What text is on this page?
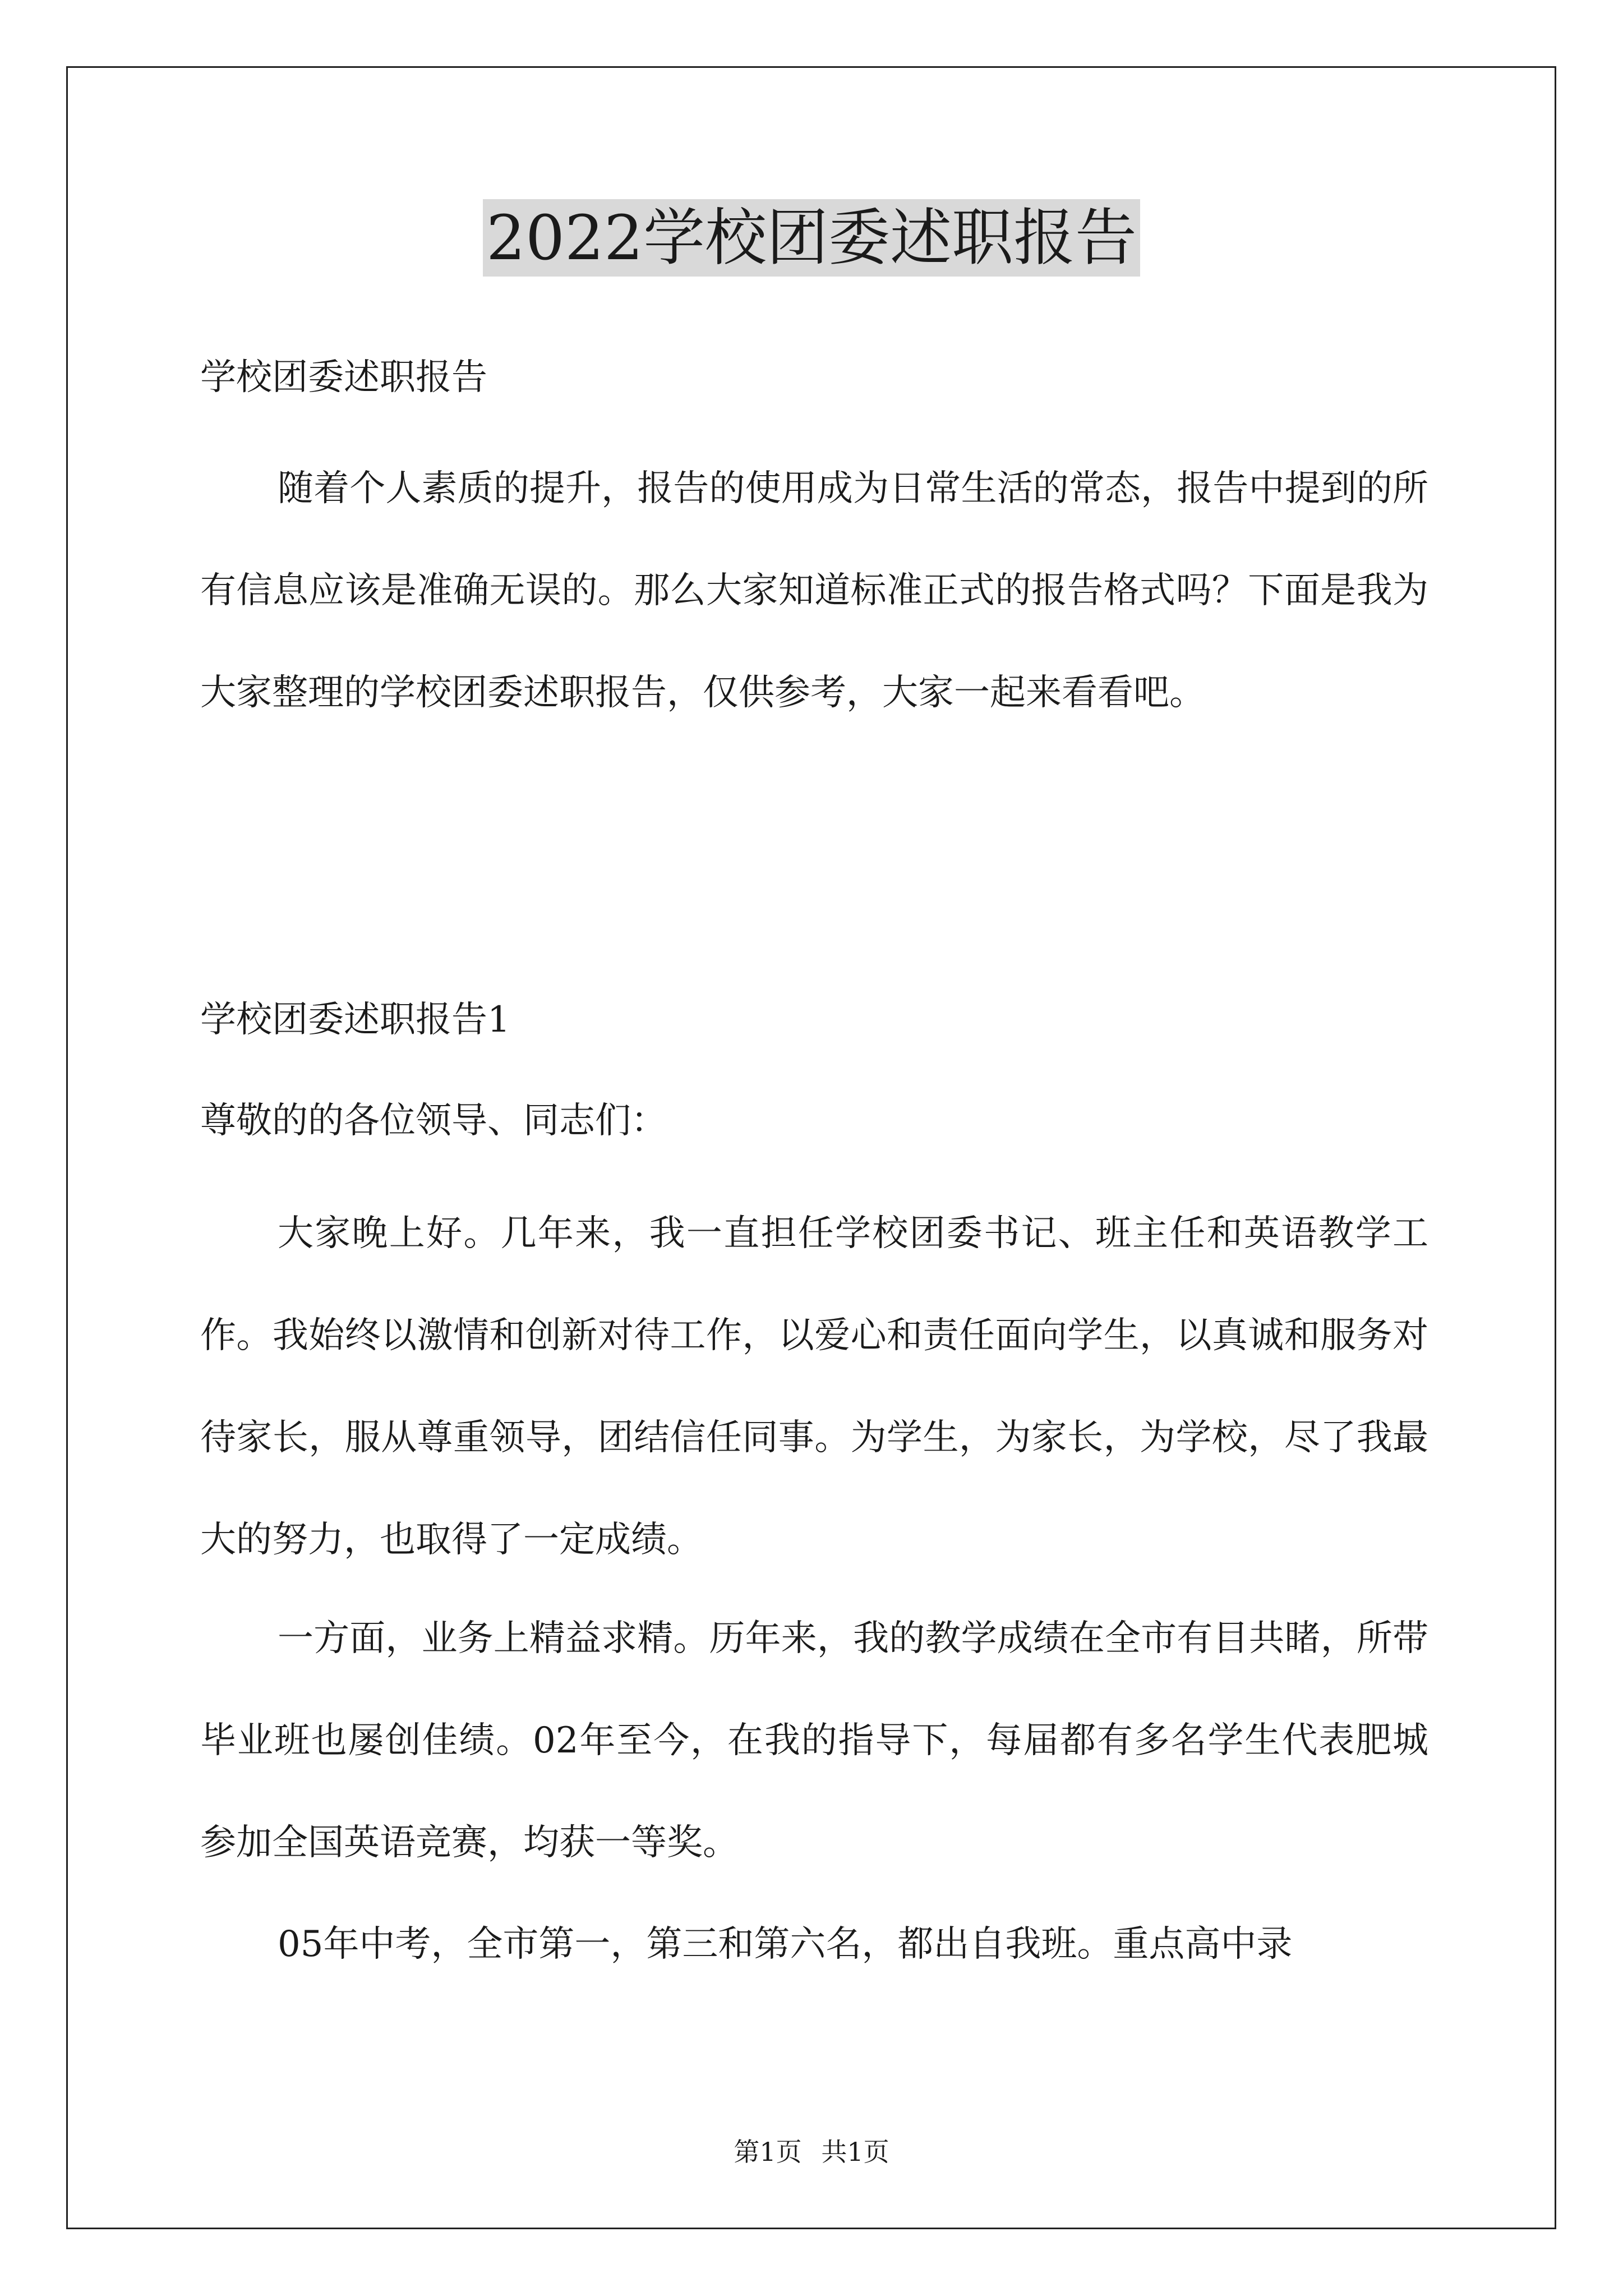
2022学校团委述职报告

学校团委述职报告

随着个人素质的提升，报告的使用成为日常生活的常态，报告中提到的所有信息应该是准确无误的。那么大家知道标准正式的报告格式吗？下面是我为大家整理的学校团委述职报告，仅供参考，大家一起来看看吧。

学校团委述职报告1

尊敬的的各位领导、同志们：

大家晚上好。几年来，我一直担任学校团委书记、班主任和英语教学工作。我始终以激情和创新对待工作，以爱心和责任面向学生，以真诚和服务对待家长，服从尊重领导，团结信任同事。为学生，为家长，为学校，尽了我最大的努力，也取得了一定成绩。

一方面，业务上精益求精。历年来，我的教学成绩在全市有目共睹，所带毕业班也屡创佳绩。02年至今，在我的指导下，每届都有多名学生代表肥城参加全国英语竞赛，均获一等奖。

05年中考，全市第一，第三和第六名，都出自我班。重点高中录

第1页 共1页
